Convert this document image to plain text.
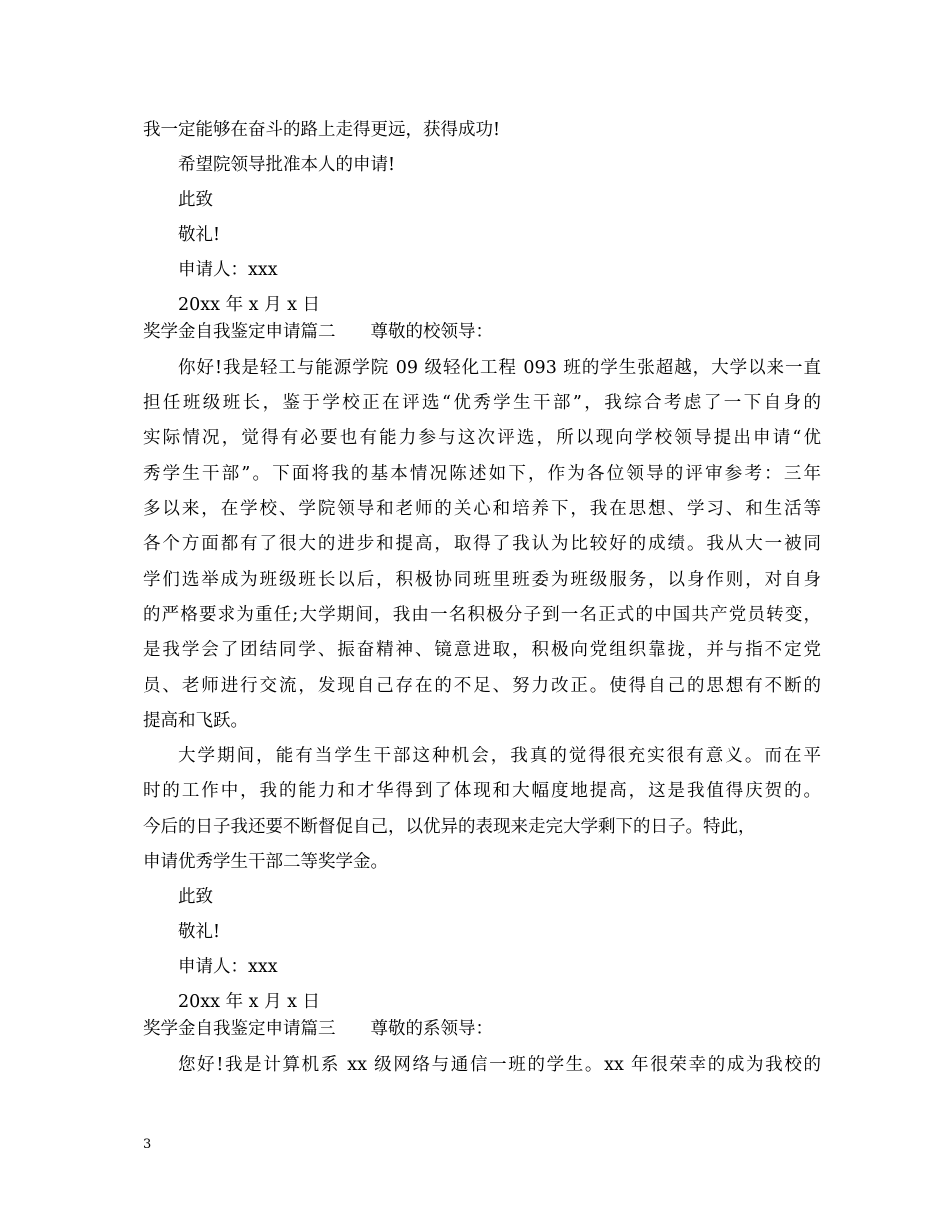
我一定能够在奋斗的路上走得更远，获得成功!
希望院领导批准本人的申请!
此致
敬礼!
申请人：xxx
20xx 年 x 月 x 日
奖学金自我鉴定申请篇二　　尊敬的校领导：
你好!我是轻工与能源学院 09 级轻化工程 093 班的学生张超越，大学以来一直
担任班级班长，鉴于学校正在评选“优秀学生干部”，我综合考虑了一下自身的
实际情况，觉得有必要也有能力参与这次评选，所以现向学校领导提出申请“优
秀学生干部”。下面将我的基本情况陈述如下，作为各位领导的评审参考：三年
多以来，在学校、学院领导和老师的关心和培养下，我在思想、学习、和生活等
各个方面都有了很大的进步和提高，取得了我认为比较好的成绩。我从大一被同
学们选举成为班级班长以后，积极协同班里班委为班级服务，以身作则，对自身
的严格要求为重任;大学期间，我由一名积极分子到一名正式的中国共产党员转变，
是我学会了团结同学、振奋精神、镜意进取，积极向党组织靠拢，并与指不定党
员、老师进行交流，发现自己存在的不足、努力改正。使得自己的思想有不断的
提高和飞跃。
大学期间，能有当学生干部这种机会，我真的觉得很充实很有意义。而在平
时的工作中，我的能力和才华得到了体现和大幅度地提高，这是我值得庆贺的。
今后的日子我还要不断督促自己，以优异的表现来走完大学剩下的日子。特此，
申请优秀学生干部二等奖学金。
此致
敬礼!
申请人：xxx
20xx 年 x 月 x 日
奖学金自我鉴定申请篇三　　尊敬的系领导：
您好!我是计算机系 xx 级网络与通信一班的学生。xx 年很荣幸的成为我校的
3
